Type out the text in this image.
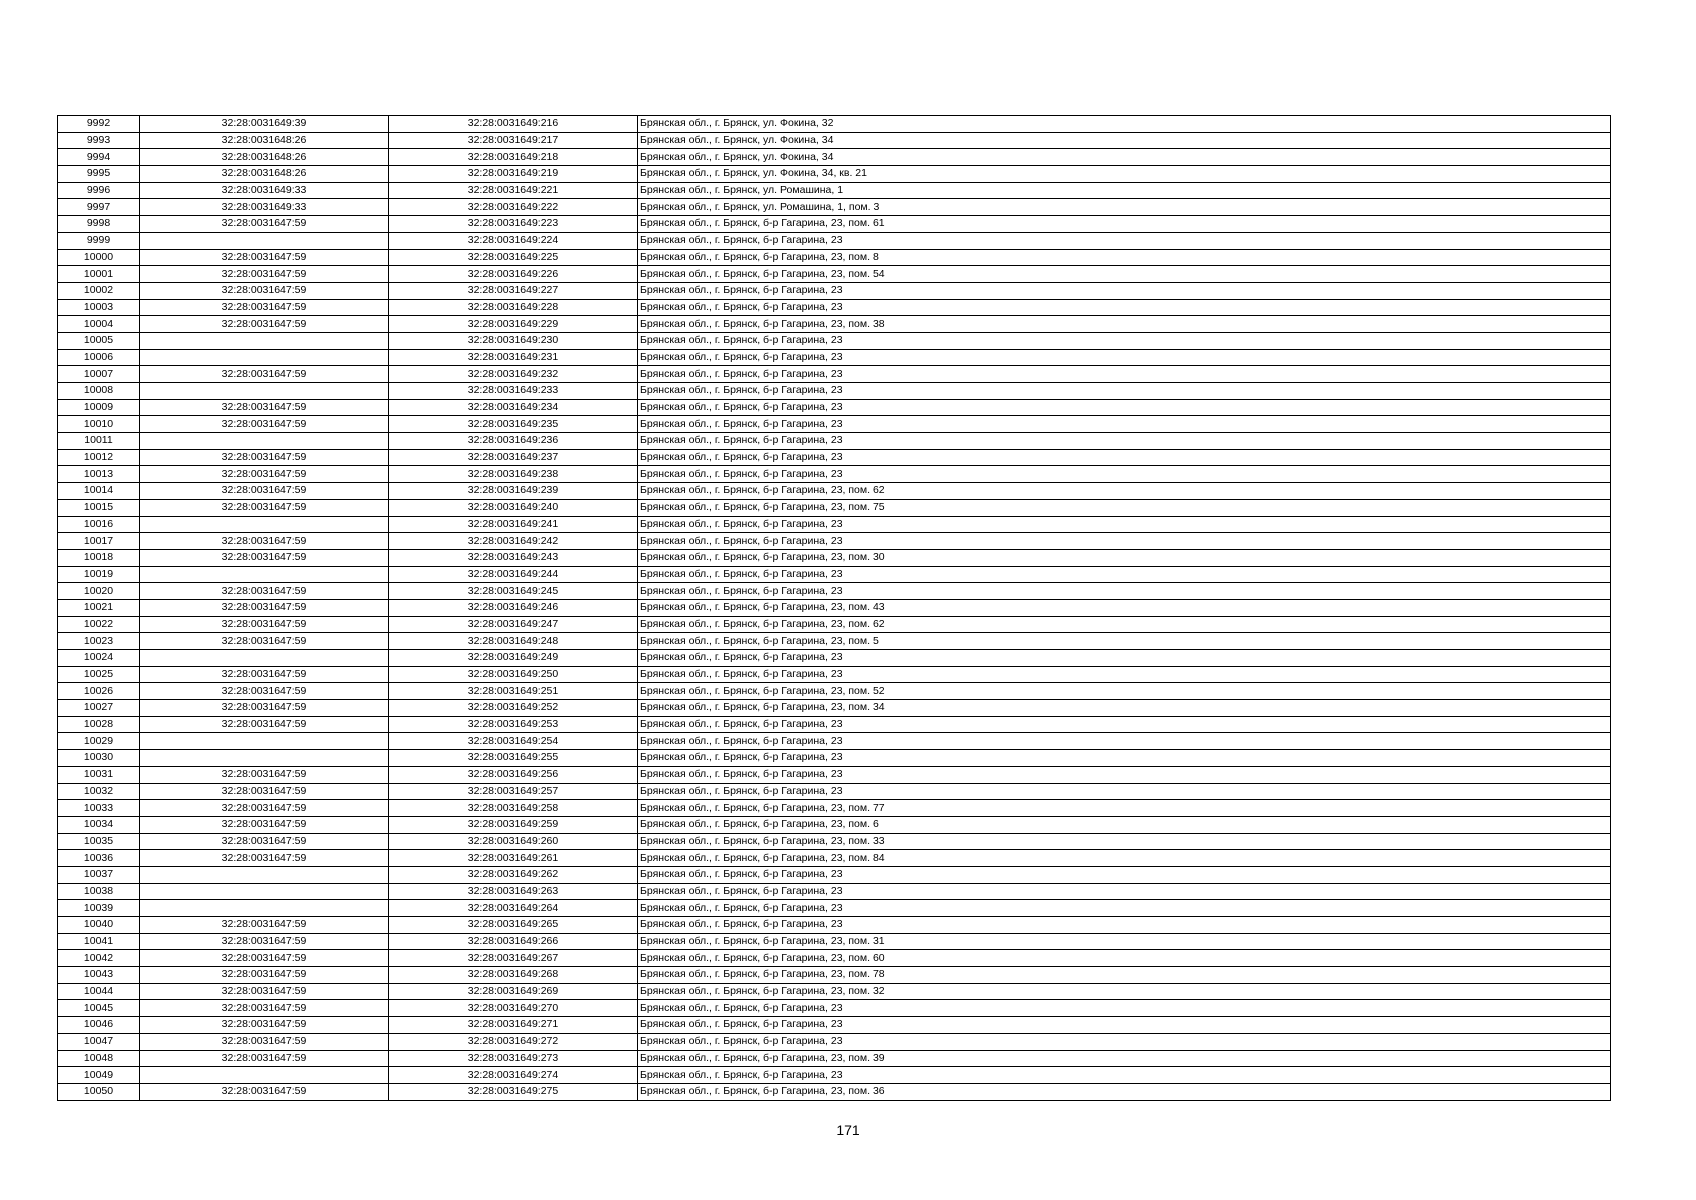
9992	32:28:0031649:39	32:28:0031649:216	Брянская обл., г. Брянск, ул. Фокина, 32
9993	32:28:0031648:26	32:28:0031649:217	Брянская обл., г. Брянск, ул. Фокина, 34
9994	32:28:0031648:26	32:28:0031649:218	Брянская обл., г. Брянск, ул. Фокина, 34
9995	32:28:0031648:26	32:28:0031649:219	Брянская обл., г. Брянск, ул. Фокина, 34, кв. 21
9996	32:28:0031649:33	32:28:0031649:221	Брянская обл., г. Брянск, ул. Ромашина, 1
9997	32:28:0031649:33	32:28:0031649:222	Брянская обл., г. Брянск, ул. Ромашина, 1, пом. 3
9998	32:28:0031647:59	32:28:0031649:223	Брянская обл., г. Брянск, б-р Гагарина, 23, пом. 61
9999		32:28:0031649:224	Брянская обл., г. Брянск, б-р Гагарина, 23
10000	32:28:0031647:59	32:28:0031649:225	Брянская обл., г. Брянск, б-р Гагарина, 23, пом. 8
10001	32:28:0031647:59	32:28:0031649:226	Брянская обл., г. Брянск, б-р Гагарина, 23, пом. 54
10002	32:28:0031647:59	32:28:0031649:227	Брянская обл., г. Брянск, б-р Гагарина, 23
10003	32:28:0031647:59	32:28:0031649:228	Брянская обл., г. Брянск, б-р Гагарина, 23
10004	32:28:0031647:59	32:28:0031649:229	Брянская обл., г. Брянск, б-р Гагарина, 23, пом. 38
10005		32:28:0031649:230	Брянская обл., г. Брянск, б-р Гагарина, 23
10006		32:28:0031649:231	Брянская обл., г. Брянск, б-р Гагарина, 23
10007	32:28:0031647:59	32:28:0031649:232	Брянская обл., г. Брянск, б-р Гагарина, 23
10008		32:28:0031649:233	Брянская обл., г. Брянск, б-р Гагарина, 23
10009	32:28:0031647:59	32:28:0031649:234	Брянская обл., г. Брянск, б-р Гагарина, 23
10010	32:28:0031647:59	32:28:0031649:235	Брянская обл., г. Брянск, б-р Гагарина, 23
10011		32:28:0031649:236	Брянская обл., г. Брянск, б-р Гагарина, 23
10012	32:28:0031647:59	32:28:0031649:237	Брянская обл., г. Брянск, б-р Гагарина, 23
10013	32:28:0031647:59	32:28:0031649:238	Брянская обл., г. Брянск, б-р Гагарина, 23
10014	32:28:0031647:59	32:28:0031649:239	Брянская обл., г. Брянск, б-р Гагарина, 23, пом. 62
10015	32:28:0031647:59	32:28:0031649:240	Брянская обл., г. Брянск, б-р Гагарина, 23, пом. 75
10016		32:28:0031649:241	Брянская обл., г. Брянск, б-р Гагарина, 23
10017	32:28:0031647:59	32:28:0031649:242	Брянская обл., г. Брянск, б-р Гагарина, 23
10018	32:28:0031647:59	32:28:0031649:243	Брянская обл., г. Брянск, б-р Гагарина, 23, пом. 30
10019		32:28:0031649:244	Брянская обл., г. Брянск, б-р Гагарина, 23
10020	32:28:0031647:59	32:28:0031649:245	Брянская обл., г. Брянск, б-р Гагарина, 23
10021	32:28:0031647:59	32:28:0031649:246	Брянская обл., г. Брянск, б-р Гагарина, 23, пом. 43
10022	32:28:0031647:59	32:28:0031649:247	Брянская обл., г. Брянск, б-р Гагарина, 23, пом. 62
10023	32:28:0031647:59	32:28:0031649:248	Брянская обл., г. Брянск, б-р Гагарина, 23, пом. 5
10024		32:28:0031649:249	Брянская обл., г. Брянск, б-р Гагарина, 23
10025	32:28:0031647:59	32:28:0031649:250	Брянская обл., г. Брянск, б-р Гагарина, 23
10026	32:28:0031647:59	32:28:0031649:251	Брянская обл., г. Брянск, б-р Гагарина, 23, пом. 52
10027	32:28:0031647:59	32:28:0031649:252	Брянская обл., г. Брянск, б-р Гагарина, 23, пом. 34
10028	32:28:0031647:59	32:28:0031649:253	Брянская обл., г. Брянск, б-р Гагарина, 23
10029		32:28:0031649:254	Брянская обл., г. Брянск, б-р Гагарина, 23
10030		32:28:0031649:255	Брянская обл., г. Брянск, б-р Гагарина, 23
10031	32:28:0031647:59	32:28:0031649:256	Брянская обл., г. Брянск, б-р Гагарина, 23
10032	32:28:0031647:59	32:28:0031649:257	Брянская обл., г. Брянск, б-р Гагарина, 23
10033	32:28:0031647:59	32:28:0031649:258	Брянская обл., г. Брянск, б-р Гагарина, 23, пом. 77
10034	32:28:0031647:59	32:28:0031649:259	Брянская обл., г. Брянск, б-р Гагарина, 23, пом. 6
10035	32:28:0031647:59	32:28:0031649:260	Брянская обл., г. Брянск, б-р Гагарина, 23, пом. 33
10036	32:28:0031647:59	32:28:0031649:261	Брянская обл., г. Брянск, б-р Гагарина, 23, пом. 84
10037		32:28:0031649:262	Брянская обл., г. Брянск, б-р Гагарина, 23
10038		32:28:0031649:263	Брянская обл., г. Брянск, б-р Гагарина, 23
10039		32:28:0031649:264	Брянская обл., г. Брянск, б-р Гагарина, 23
10040	32:28:0031647:59	32:28:0031649:265	Брянская обл., г. Брянск, б-р Гагарина, 23
10041	32:28:0031647:59	32:28:0031649:266	Брянская обл., г. Брянск, б-р Гагарина, 23, пом. 31
10042	32:28:0031647:59	32:28:0031649:267	Брянская обл., г. Брянск, б-р Гагарина, 23, пом. 60
10043	32:28:0031647:59	32:28:0031649:268	Брянская обл., г. Брянск, б-р Гагарина, 23, пом. 78
10044	32:28:0031647:59	32:28:0031649:269	Брянская обл., г. Брянск, б-р Гагарина, 23, пом. 32
10045	32:28:0031647:59	32:28:0031649:270	Брянская обл., г. Брянск, б-р Гагарина, 23
10046	32:28:0031647:59	32:28:0031649:271	Брянская обл., г. Брянск, б-р Гагарина, 23
10047	32:28:0031647:59	32:28:0031649:272	Брянская обл., г. Брянск, б-р Гагарина, 23
10048	32:28:0031647:59	32:28:0031649:273	Брянская обл., г. Брянск, б-р Гагарина, 23, пом. 39
10049		32:28:0031649:274	Брянская обл., г. Брянск, б-р Гагарина, 23
10050	32:28:0031647:59	32:28:0031649:275	Брянская обл., г. Брянск, б-р Гагарина, 23, пом. 36
171
